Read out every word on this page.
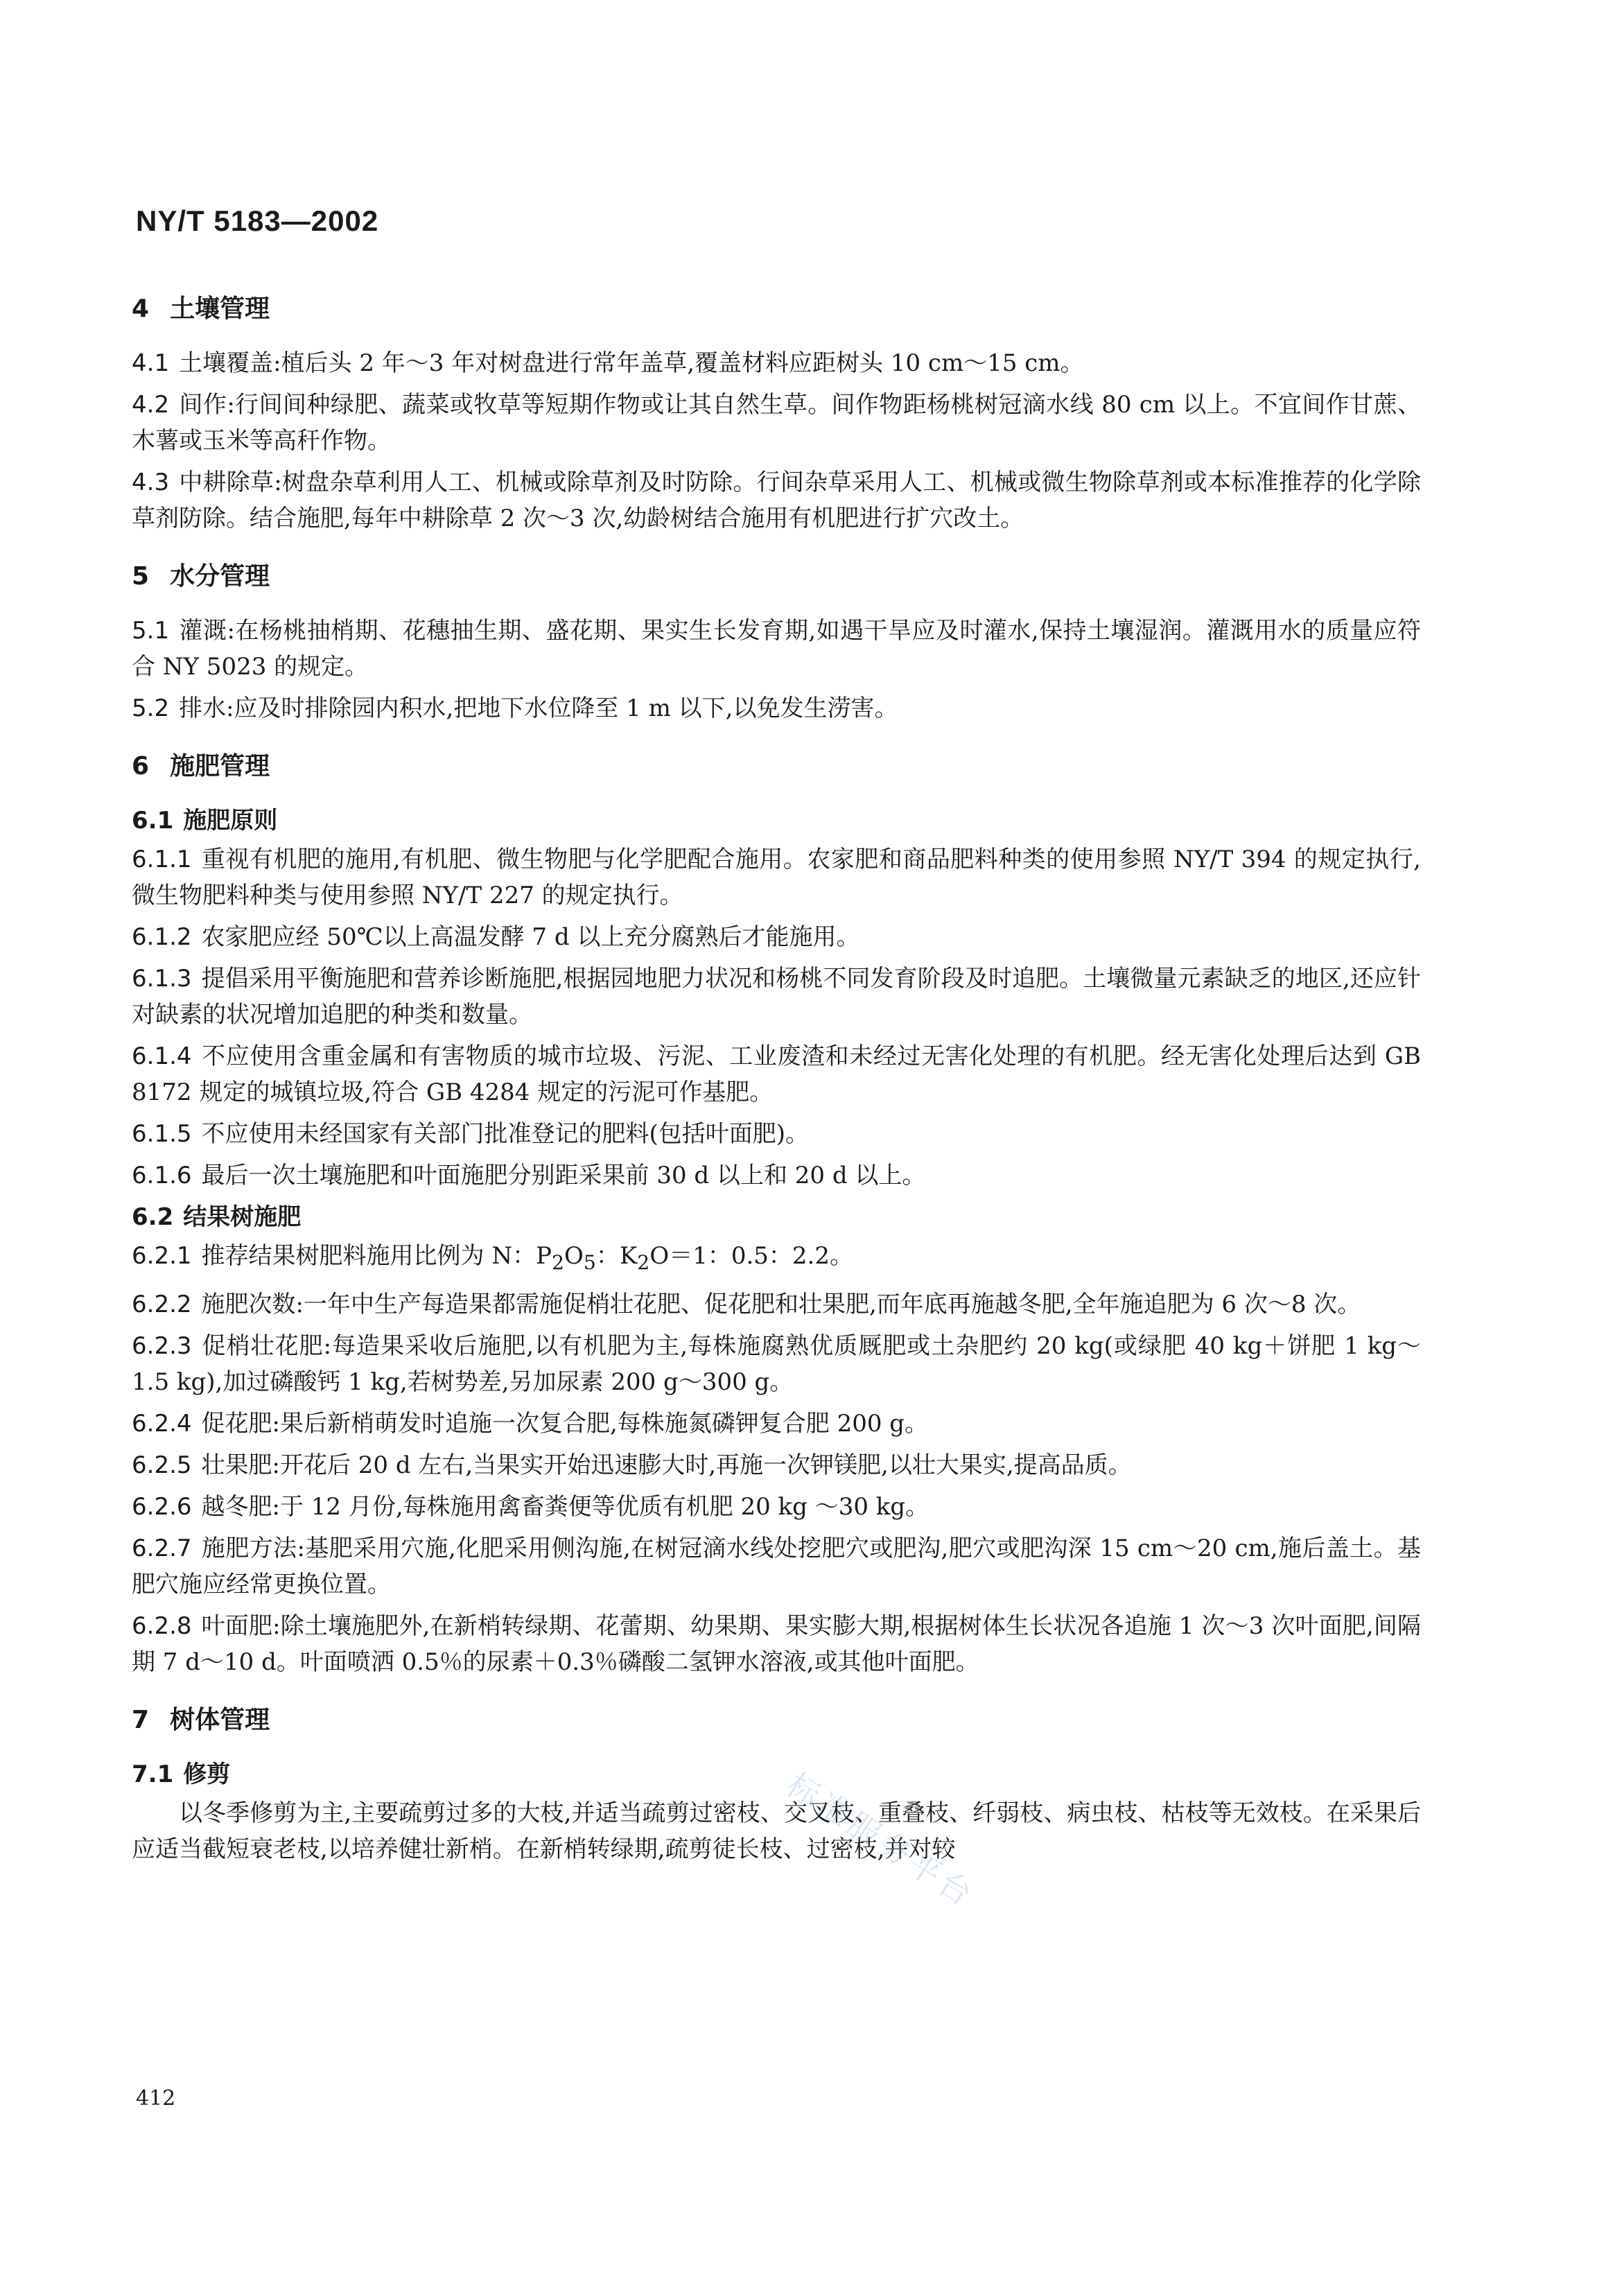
NY/T 5183—2002
4 土壤管理

4.1 土壤覆盖:植后头 2 年～3 年对树盘进行常年盖草,覆盖材料应距树头 10 cm～15 cm。

4.2 间作:行间间种绿肥、蔬菜或牧草等短期作物或让其自然生草。间作物距杨桃树冠滴水线 80 cm 以上。不宜间作甘蔗、木薯或玉米等高秆作物。

4.3 中耕除草:树盘杂草利用人工、机械或除草剂及时防除。行间杂草采用人工、机械或微生物除草剂或本标准推荐的化学除草剂防除。结合施肥,每年中耕除草 2 次～3 次,幼龄树结合施用有机肥进行扩穴改土。

5 水分管理

5.1 灌溉:在杨桃抽梢期、花穗抽生期、盛花期、果实生长发育期,如遇干旱应及时灌水,保持土壤湿润。灌溉用水的质量应符合 NY 5023 的规定。

5.2 排水:应及时排除园内积水,把地下水位降至 1 m 以下,以免发生涝害。

6 施肥管理
6.1 施肥原则

6.1.1 重视有机肥的施用,有机肥、微生物肥与化学肥配合施用。农家肥和商品肥料种类的使用参照 NY/T 394 的规定执行,微生物肥料种类与使用参照 NY/T 227 的规定执行。

6.1.2 农家肥应经 50℃以上高温发酵 7 d 以上充分腐熟后才能施用。

6.1.3 提倡采用平衡施肥和营养诊断施肥,根据园地肥力状况和杨桃不同发育阶段及时追肥。土壤微量元素缺乏的地区,还应针对缺素的状况增加追肥的种类和数量。

6.1.4 不应使用含重金属和有害物质的城市垃圾、污泥、工业废渣和未经过无害化处理的有机肥。经无害化处理后达到 GB 8172 规定的城镇垃圾,符合 GB 4284 规定的污泥可作基肥。

6.1.5 不应使用未经国家有关部门批准登记的肥料(包括叶面肥)。

6.1.6 最后一次土壤施肥和叶面施肥分别距采果前 30 d 以上和 20 d 以上。

6.2 结果树施肥

6.2.1 推荐结果树肥料施用比例为 N：$P_2O_5$：$K_2O=1$：0.5：2.2。

6.2.2 施肥次数:一年中生产每造果都需施促梢壮花肥、促花肥和壮果肥,而年底再施越冬肥,全年施追肥为 6 次～8 次。

6.2.3 促梢壮花肥:每造果采收后施肥,以有机肥为主,每株施腐熟优质厩肥或土杂肥约 20 kg(或绿肥 40 kg＋饼肥 1 kg～1.5 kg),加过磷酸钙 1 kg,若树势差,另加尿素 200 g～300 g。

6.2.4 促花肥:果后新梢萌发时追施一次复合肥,每株施氮磷钾复合肥 200 g。

6.2.5 壮果肥:开花后 20 d 左右,当果实开始迅速膨大时,再施一次钾镁肥,以壮大果实,提高品质。

6.2.6 越冬肥:于 12 月份,每株施用禽畜粪便等优质有机肥 20 kg ～30 kg。

6.2.7 施肥方法:基肥采用穴施,化肥采用侧沟施,在树冠滴水线处挖肥穴或肥沟,肥穴或肥沟深 15 cm～20 cm,施后盖土。基肥穴施应经常更换位置。

6.2.8 叶面肥:除土壤施肥外,在新梢转绿期、花蕾期、幼果期、果实膨大期,根据树体生长状况各追施 1 次～3 次叶面肥,间隔期 7 d～10 d。叶面喷洒 0.5％的尿素＋0.3％磷酸二氢钾水溶液,或其他叶面肥。

7 树体管理
7.1 修剪

以冬季修剪为主,主要疏剪过多的大枝,并适当疏剪过密枝、交叉枝、重叠枝、纤弱枝、病虫枝、枯枝等无效枝。在采果后应适当截短衰老枝,以培养健壮新梢。在新梢转绿期,疏剪徒长枝、过密枝,并对较

标准服务平台
412
